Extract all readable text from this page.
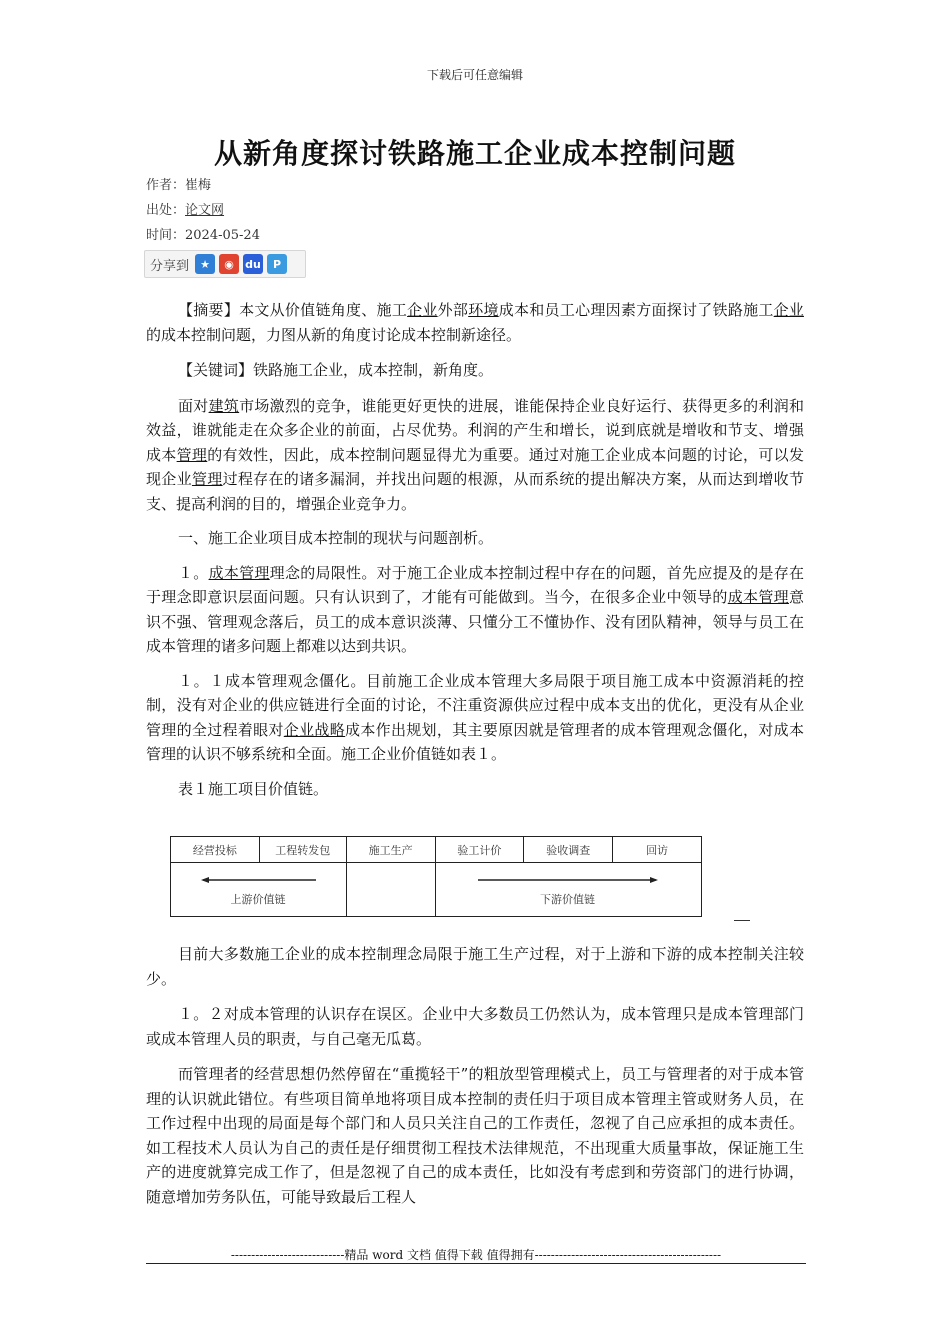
下载后可任意编辑
从新角度探讨铁路施工企业成本控制问题
作者：崔梅
出处：论文网
时间：2024-05-24
分享到	★	◉	du	P

【摘要】本文从价值链角度、施工企业外部环境成本和员工心理因素方面探讨了铁路施工企业的成本控制问题，力图从新的角度讨论成本控制新途径。

【关键词】铁路施工企业，成本控制，新角度。

面对建筑市场激烈的竞争，谁能更好更快的进展，谁能保持企业良好运行、获得更多的利润和效益，谁就能走在众多企业的前面，占尽优势。利润的产生和增长，说到底就是增收和节支、增强成本管理的有效性，因此，成本控制问题显得尤为重要。通过对施工企业成本问题的讨论，可以发现企业管理过程存在的诸多漏洞，并找出问题的根源，从而系统的提出解决方案，从而达到增收节支、提高利润的目的，增强企业竞争力。

一、施工企业项目成本控制的现状与问题剖析。

１。成本管理理念的局限性。对于施工企业成本控制过程中存在的问题，首先应提及的是存在于理念即意识层面问题。只有认识到了，才能有可能做到。当今，在很多企业中领导的成本管理意识不强、管理观念落后，员工的成本意识淡薄、只懂分工不懂协作、没有团队精神，领导与员工在成本管理的诸多问题上都难以达到共识。

１。１成本管理观念僵化。目前施工企业成本管理大多局限于项目施工成本中资源消耗的控制，没有对企业的供应链进行全面的讨论，不注重资源供应过程中成本支出的优化，更没有从企业管理的全过程着眼对企业战略成本作出规划，其主要原因就是管理者的成本管理观念僵化，对成本管理的认识不够系统和全面。施工企业价值链如表１。

表１施工项目价值链。

经营投标	工程转发包	施工生产	验工计价	验收调查	回访

上游价值链			下游价值链		

目前大多数施工企业的成本控制理念局限于施工生产过程，对于上游和下游的成本控制关注较少。

１。２对成本管理的认识存在误区。企业中大多数员工仍然认为，成本管理只是成本管理部门或成本管理人员的职责，与自己毫无瓜葛。

而管理者的经营思想仍然停留在“重揽轻干”的粗放型管理模式上，员工与管理者的对于成本管理的认识就此错位。有些项目简单地将项目成本控制的责任归于项目成本管理主管或财务人员，在工作过程中出现的局面是每个部门和人员只关注自己的工作责任，忽视了自己应承担的成本责任。如工程技术人员认为自己的责任是仔细贯彻工程技术法律规范，不出现重大质量事故，保证施工生产的进度就算完成工作了，但是忽视了自己的成本责任，比如没有考虑到和劳资部门的进行协调，随意增加劳务队伍，可能导致最后工程人

----------------------------精品 word 文档 值得下载 值得拥有----------------------------------------------
